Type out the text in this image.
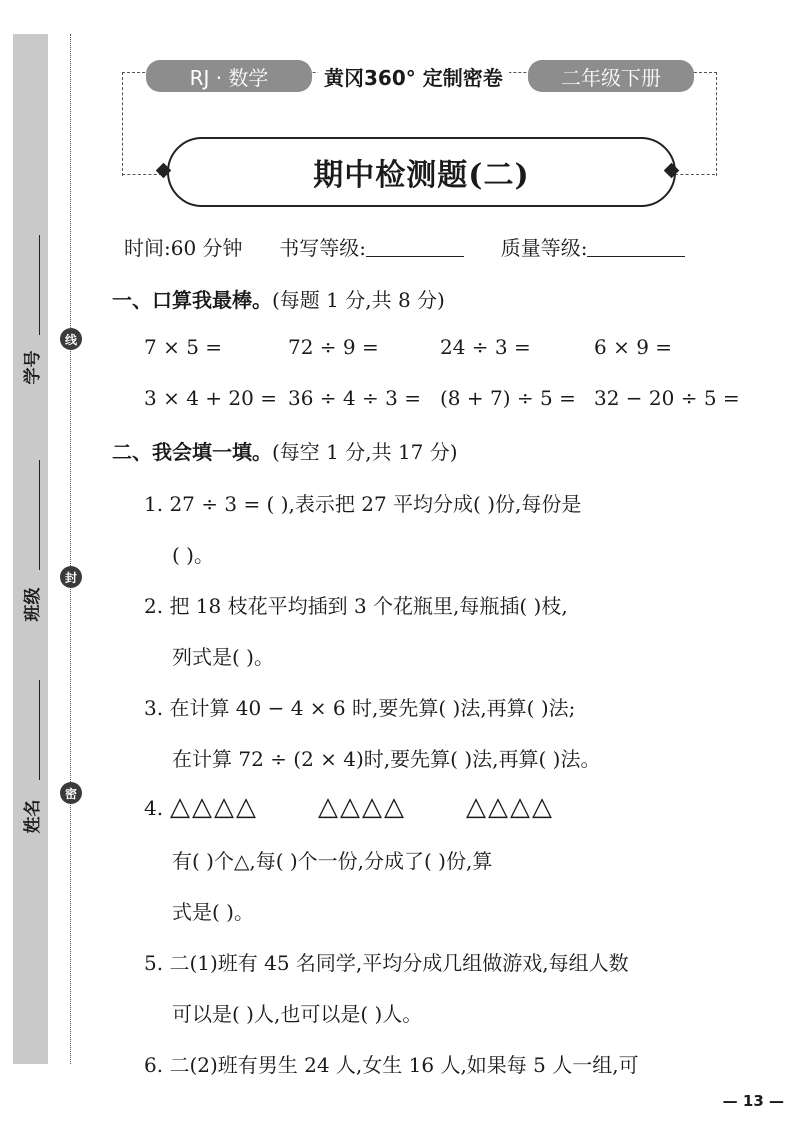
学号
班级
姓名
线
封
密
RJ · 数学	黄冈360° 定制密卷	二年级下册
期中检测题(二)
时间:60 分钟 书写等级:	质量等级:
一、口算我最棒。(每题 1 分,共 8 分)
7 × 5 =	72 ÷ 9 =	24 ÷ 3 =	6 × 9 =
3 × 4 + 20 = 36 ÷ 4 ÷ 3 = (8 + 7) ÷ 5 = 32 − 20 ÷ 5 =
二、我会填一填。(每空 1 分,共 17 分)
1. 27 ÷ 3 = ( ),表示把 27 平均分成( )份,每份是
( )。
2. 把 18 枝花平均插到 3 个花瓶里,每瓶插( )枝,
列式是( )。
3. 在计算 40 − 4 × 6 时,要先算( )法,再算( )法;
在计算 72 ÷ (2 × 4)时,要先算( )法,再算( )法。
4. △△△△ △△△△ △△△△
有( )个△,每( )个一份,分成了( )份,算
式是( )。
5. 二(1)班有 45 名同学,平均分成几组做游戏,每组人数
可以是( )人,也可以是( )人。
6. 二(2)班有男生 24 人,女生 16 人,如果每 5 人一组,可
— 13 —
